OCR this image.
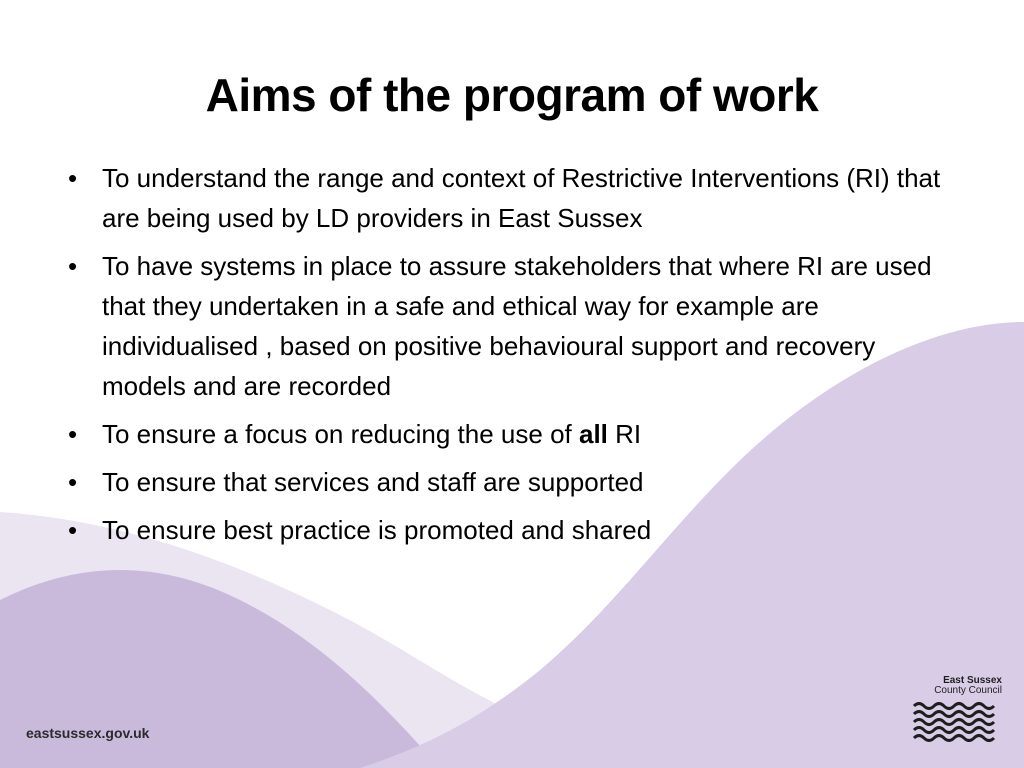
Aims of the program of work
• To understand the range and context of Restrictive Interventions (RI) that are being used by LD providers in East Sussex
• To have systems in place to assure stakeholders that where RI are used that they undertaken in a safe and ethical way for example are individualised , based on positive behavioural support and recovery models and are recorded
• To ensure a focus on reducing the use of all RI
• To ensure that services and staff are supported
• To ensure best practice is promoted and shared
eastsussex.gov.uk
East Sussex
County Council
